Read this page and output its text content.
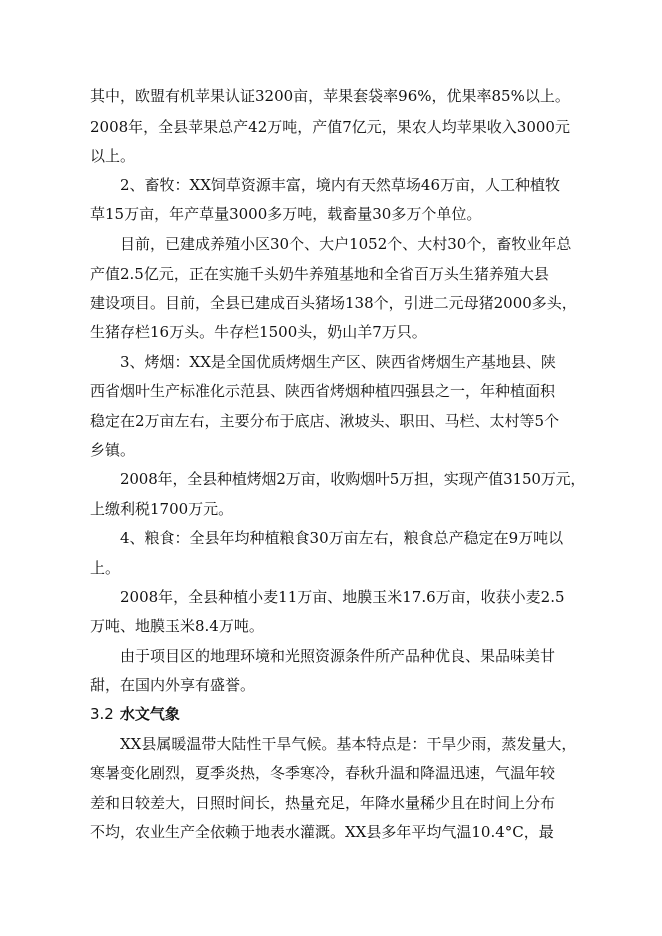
其中，欧盟有机苹果认证3200亩，苹果套袋率96%，优果率85%以上。
2008年，全县苹果总产42万吨，产值7亿元，果农人均苹果收入3000元
以上。
2、畜牧：XX饲草资源丰富，境内有天然草场46万亩，人工种植牧
草15万亩，年产草量3000多万吨，载畜量30多万个单位。
目前，已建成养殖小区30个、大户1052个、大村30个，畜牧业年总
产值2.5亿元，正在实施千头奶牛养殖基地和全省百万头生猪养殖大县
建设项目。目前，全县已建成百头猪场138个，引进二元母猪2000多头，
生猪存栏16万头。牛存栏1500头，奶山羊7万只。
3、烤烟：XX是全国优质烤烟生产区、陕西省烤烟生产基地县、陕
西省烟叶生产标准化示范县、陕西省烤烟种植四强县之一，年种植面积
稳定在2万亩左右，主要分布于底店、湫坡头、职田、马栏、太村等5个
乡镇。
2008年，全县种植烤烟2万亩，收购烟叶5万担，实现产值3150万元，
上缴利税1700万元。
4、粮食：全县年均种植粮食30万亩左右，粮食总产稳定在9万吨以
上。
2008年，全县种植小麦11万亩、地膜玉米17.6万亩，收获小麦2.5
万吨、地膜玉米8.4万吨。
由于项目区的地理环境和光照资源条件所产品种优良、果品味美甘
甜，在国内外享有盛誉。
3.2 水文气象
XX县属暖温带大陆性干旱气候。基本特点是：干旱少雨，蒸发量大，
寒暑变化剧烈，夏季炎热，冬季寒冷，春秋升温和降温迅速，气温年较
差和日较差大，日照时间长，热量充足，年降水量稀少且在时间上分布
不均，农业生产全依赖于地表水灌溉。XX县多年平均气温10.4°C，最
